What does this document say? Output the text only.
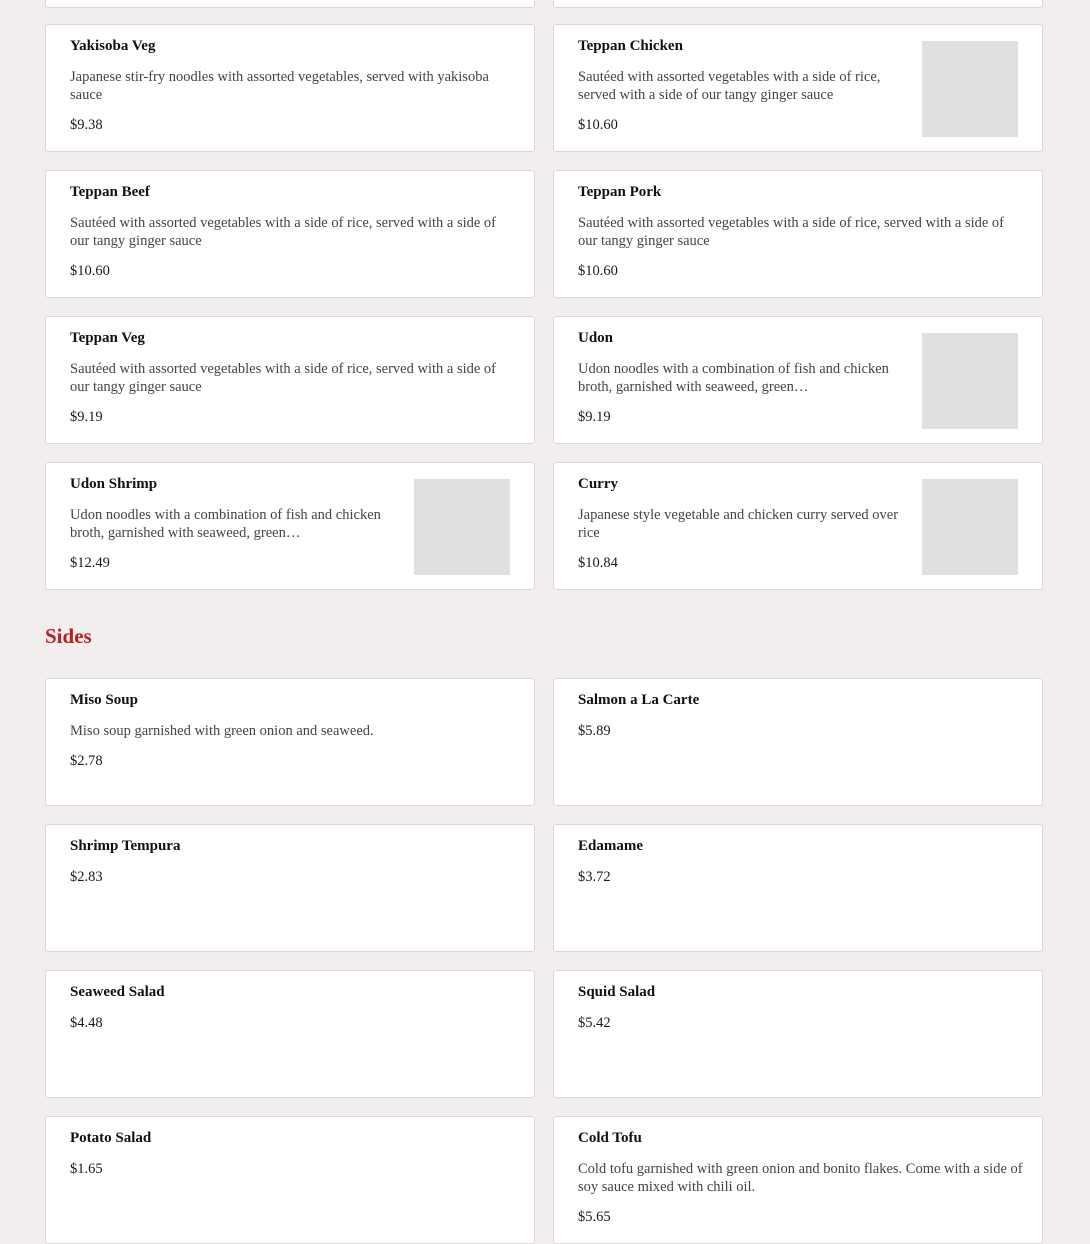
Yakisoba Veg
Japanese stir-fry noodles with assorted vegetables, served with yakisoba sauce
$9.38
Teppan Chicken
Sautéed with assorted vegetables with a side of rice, served with a side of our tangy ginger sauce
$10.60
Teppan Beef
Sautéed with assorted vegetables with a side of rice, served with a side of our tangy ginger sauce
$10.60
Teppan Pork
Sautéed with assorted vegetables with a side of rice, served with a side of our tangy ginger sauce
$10.60
Teppan Veg
Sautéed with assorted vegetables with a side of rice, served with a side of our tangy ginger sauce
$9.19
Udon
Udon noodles with a combination of fish and chicken broth, garnished with seaweed, green…
$9.19
Udon Shrimp
Udon noodles with a combination of fish and chicken broth, garnished with seaweed, green…
$12.49
Curry
Japanese style vegetable and chicken curry served over rice
$10.84
Sides
Miso Soup
Miso soup garnished with green onion and seaweed.
$2.78
Salmon a La Carte
$5.89
Shrimp Tempura
$2.83
Edamame
$3.72
Seaweed Salad
$4.48
Squid Salad
$5.42
Potato Salad
$1.65
Cold Tofu
Cold tofu garnished with green onion and bonito flakes. Come with a side of soy sauce mixed with chili oil.
$5.65
